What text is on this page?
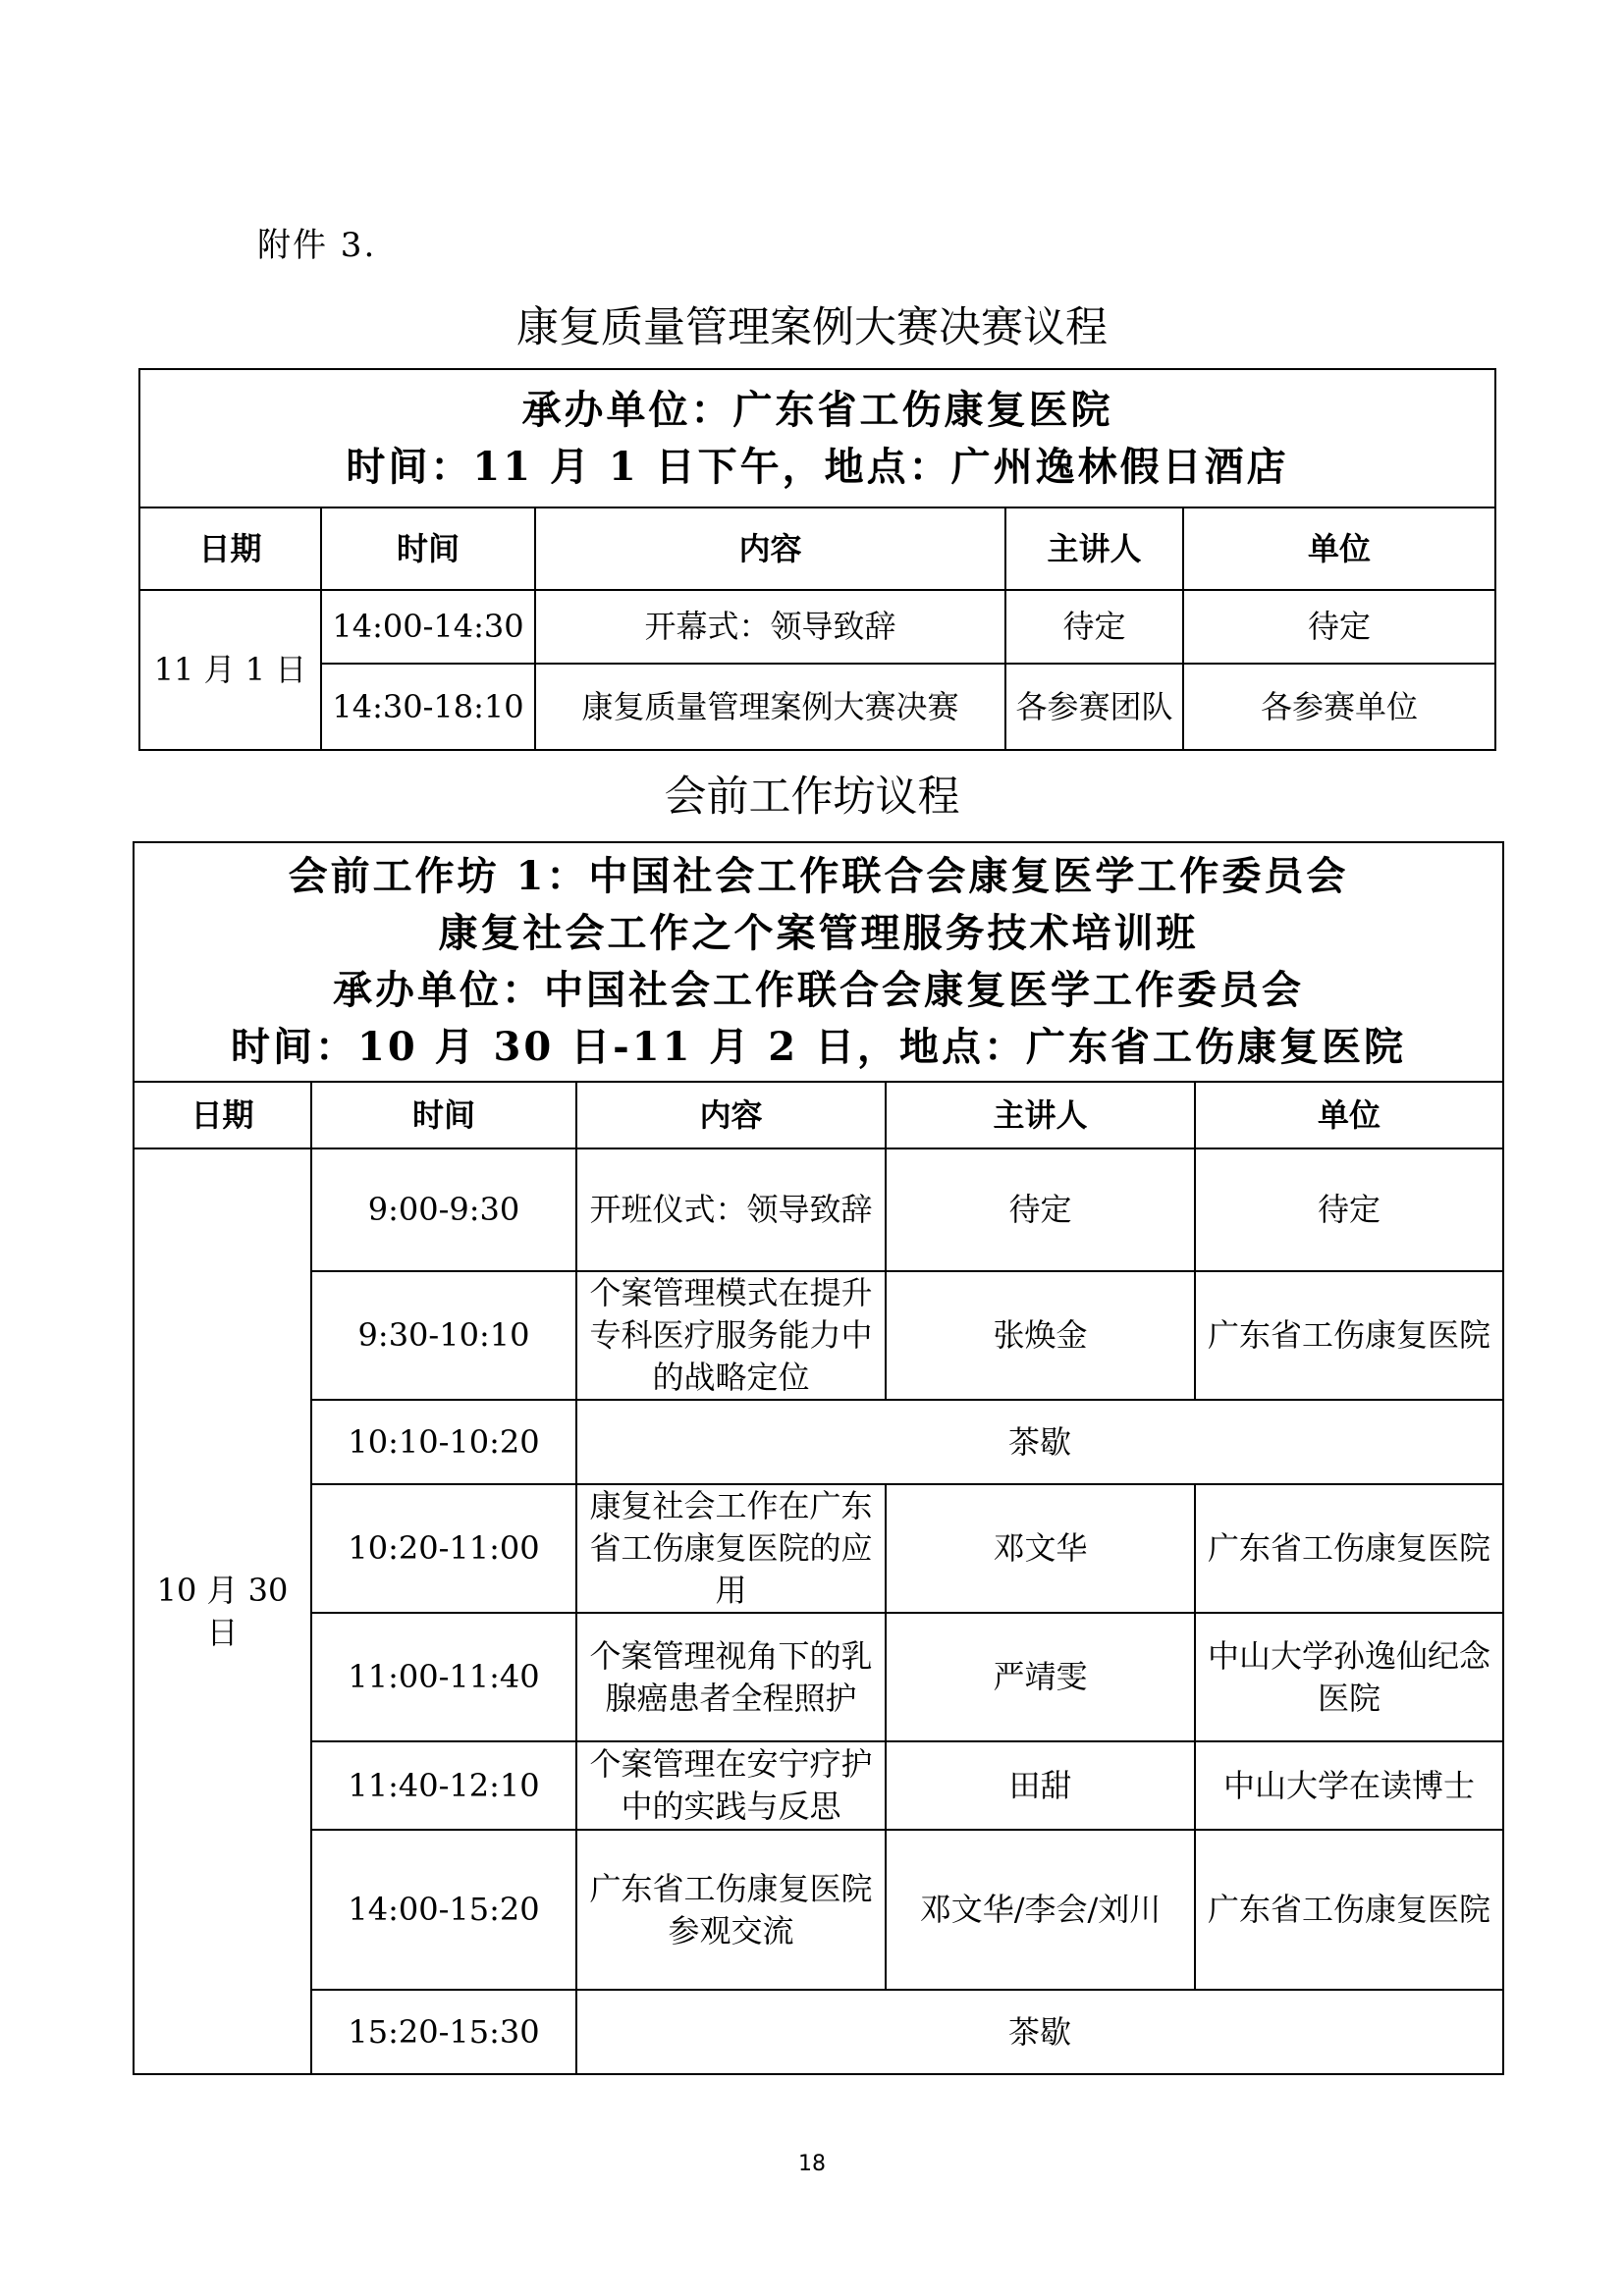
附件 3.
康复质量管理案例大赛决赛议程
承办单位：广东省工伤康复医院
时间：11 月 1 日下午，地点：广州逸林假日酒店				

日期	时间	内容	主讲人	单位
11 月 1 日	14:00-14:30	开幕式：领导致辞	待定	待定
	14:30-18:10	康复质量管理案例大赛决赛	各参赛团队	各参赛单位
会前工作坊议程
会前工作坊 1：中国社会工作联合会康复医学工作委员会
康复社会工作之个案管理服务技术培训班
承办单位：中国社会工作联合会康复医学工作委员会
时间：10 月 30 日-11 月 2 日，地点：广东省工伤康复医院				

日期	时间	内容	主讲人	单位
10 月 30 日	9:00-9:30	开班仪式：领导致辞	待定	待定
	9:30-10:10	个案管理模式在提升专科医疗服务能力中的战略定位	张焕金	广东省工伤康复医院
	10:10-10:20	茶歇		
	10:20-11:00	康复社会工作在广东省工伤康复医院的应用	邓文华	广东省工伤康复医院
	11:00-11:40	个案管理视角下的乳腺癌患者全程照护	严靖雯	中山大学孙逸仙纪念医院
	11:40-12:10	个案管理在安宁疗护中的实践与反思	田甜	中山大学在读博士
	14:00-15:20	广东省工伤康复医院参观交流	邓文华/李会/刘川	广东省工伤康复医院
	15:20-15:30	茶歇		
18
